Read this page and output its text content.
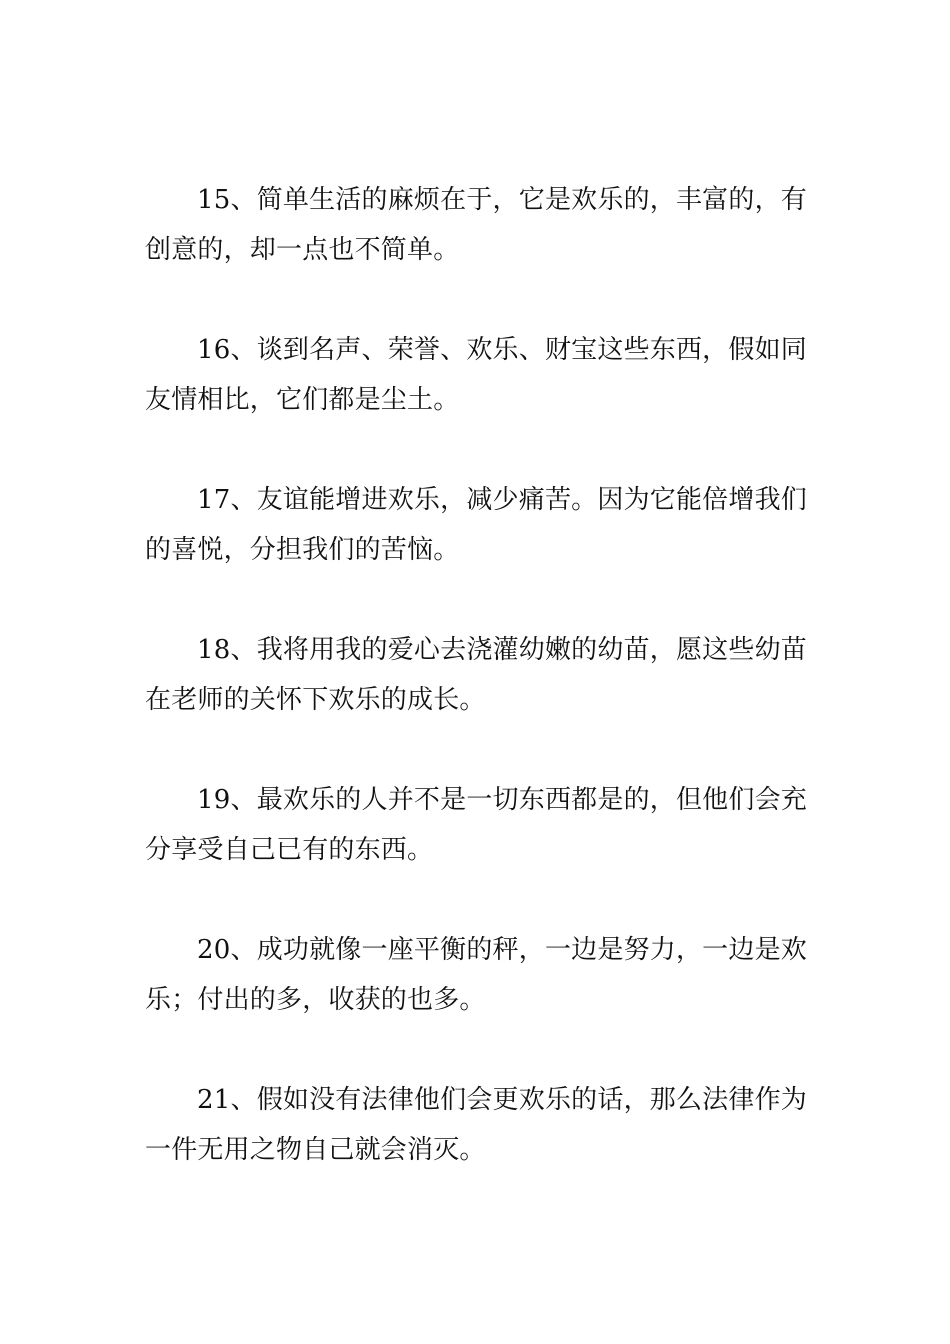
15、简单生活的麻烦在于，它是欢乐的，丰富的，有创意的，却一点也不简单。

16、谈到名声、荣誉、欢乐、财宝这些东西，假如同友情相比，它们都是尘土。

17、友谊能增进欢乐，减少痛苦。因为它能倍增我们的喜悦，分担我们的苦恼。

18、我将用我的爱心去浇灌幼嫩的幼苗，愿这些幼苗在老师的关怀下欢乐的成长。

19、最欢乐的人并不是一切东西都是的，但他们会充分享受自己已有的东西。

20、成功就像一座平衡的秤，一边是努力，一边是欢乐；付出的多，收获的也多。

21、假如没有法律他们会更欢乐的话，那么法律作为一件无用之物自己就会消灭。
